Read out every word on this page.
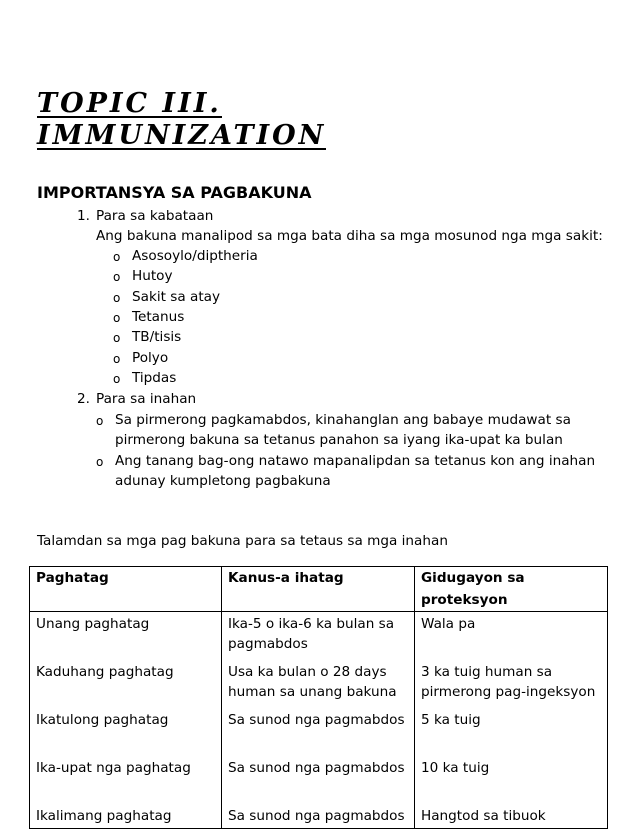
TOPIC III.
IMMUNIZATION
IMPORTANSYA SA PAGBAKUNA
1. Para sa kabataan
Ang bakuna manalipod sa mga bata diha sa mga mosunod nga mga sakit:
o Asosoylo/diptheria
o Hutoy
o Sakit sa atay
o Tetanus
o TB/tisis
o Polyo
o Tipdas
2. Para sa inahan
o Sa pirmerong pagkamabdos, kinahanglan ang babaye mudawat sa
pirmerong bakuna sa tetanus panahon sa iyang ika-upat ka bulan
o Ang tanang bag-ong natawo mapanalipdan sa tetanus kon ang inahan
adunay kumpletong pagbakuna
Talamdan sa mga pag bakuna para sa tetaus sa mga inahan
Paghatag	Kanus-a ihatag	Gidugayon sa proteksyon

Unang paghatag	Ika-5 o ika-6 ka bulan sa
pagmabdos	Wala pa

Kaduhang paghatag	Usa ka bulan o 28 days
human sa unang bakuna	3 ka tuig human sa
pirmerong pag-ingeksyon

Ikatulong paghatag	Sa sunod nga pagmabdos	5 ka tuig

Ika-upat nga paghatag	Sa sunod nga pagmabdos	10 ka tuig

Ikalimang paghatag	Sa sunod nga pagmabdos	Hangtod sa tibuok
